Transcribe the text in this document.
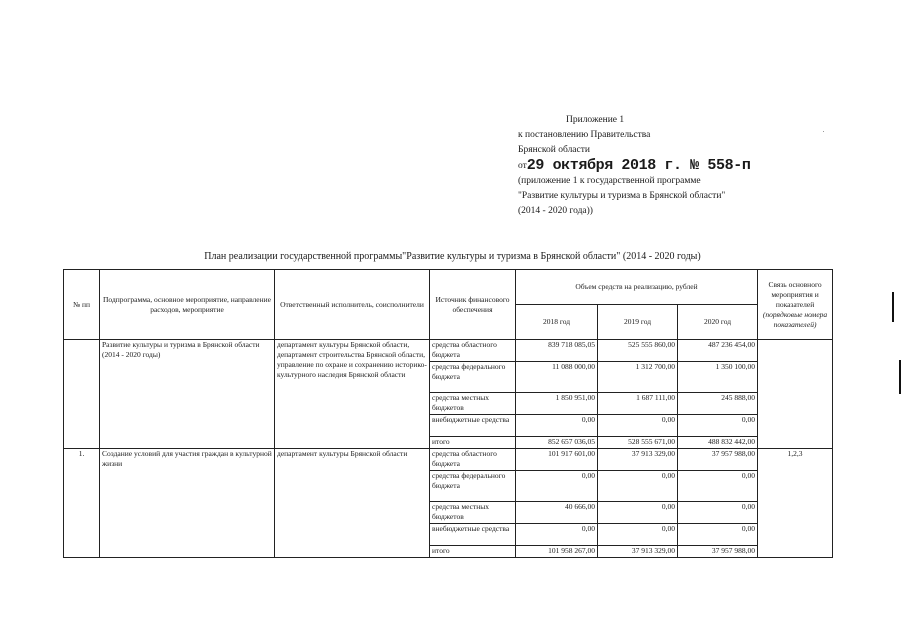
Приложение 1
к постановлению Правительства
Брянской области
от29 октября 2018 г. № 558-п
(приложение 1 к государственной программе
"Развитие культуры и туризма в Брянской области"
(2014 - 2020 года))
План реализации государственной программы"Развитие культуры и туризма в Брянской области" (2014 - 2020 годы)
№ пп	Подпрограмма, основное мероприятие, направление расходов, мероприятие	Ответственный исполнитель, соисполнители	Источник финансового обеспечения	Объем средств на реализацию, рублей			Связь основного мероприятия и показателей
(порядковые номера показателей)
				2018 год	2019 год	2020 год	
	Развитие культуры и туризма в Брянской области (2014 - 2020 годы)	департамент культуры Брянской области, департамент строительства Брянской области, управление по охране и сохранению историко-культурного наследия Брянской области	средства областного бюджета	839 718 085,05	525 555 860,00	487 236 454,00	
			средства федерального бюджета	11 088 000,00	1 312 700,00	1 350 100,00	
			средства местных бюджетов	1 850 951,00	1 687 111,00	245 888,00	
			внебюджетные средства	0,00	0,00	0,00	
			итого	852 657 036,05	528 555 671,00	488 832 442,00	
1.	Создание условий для участия граждан в культурной жизни	департамент культуры Брянской области	средства областного бюджета	101 917 601,00	37 913 329,00	37 957 988,00	1,2,3
			средства федерального бюджета	0,00	0,00	0,00	
			средства местных бюджетов	40 666,00	0,00	0,00	
			внебюджетные средства	0,00	0,00	0,00	
			итого	101 958 267,00	37 913 329,00	37 957 988,00	
